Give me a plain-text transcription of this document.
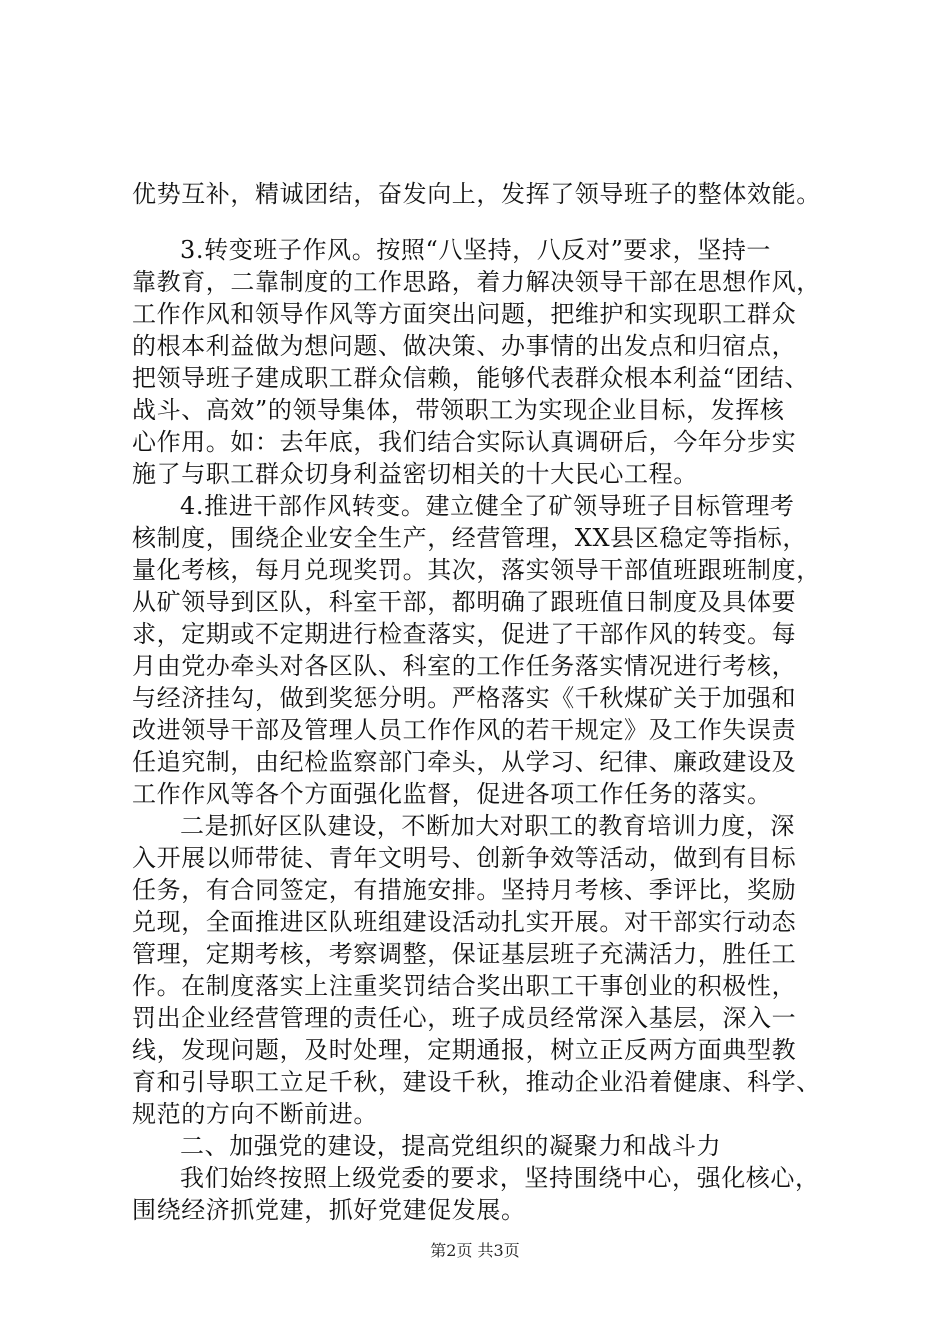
优势互补，精诚团结，奋发向上，发挥了领导班子的整体效能。
3.转变班子作风。按照“八坚持，八反对”要求，坚持一
靠教育，二靠制度的工作思路，着力解决领导干部在思想作风，
工作作风和领导作风等方面突出问题，把维护和实现职工群众
的根本利益做为想问题、做决策、办事情的出发点和归宿点，
把领导班子建成职工群众信赖，能够代表群众根本利益“团结、
战斗、高效”的领导集体，带领职工为实现企业目标，发挥核
心作用。如：去年底，我们结合实际认真调研后，今年分步实
施了与职工群众切身利益密切相关的十大民心工程。
4.推进干部作风转变。建立健全了矿领导班子目标管理考
核制度，围绕企业安全生产，经营管理，XX县区稳定等指标，
量化考核，每月兑现奖罚。其次，落实领导干部值班跟班制度，
从矿领导到区队，科室干部，都明确了跟班值日制度及具体要
求，定期或不定期进行检查落实，促进了干部作风的转变。每
月由党办牵头对各区队、科室的工作任务落实情况进行考核，
与经济挂勾，做到奖惩分明。严格落实《千秋煤矿关于加强和
改进领导干部及管理人员工作作风的若干规定》及工作失误责
任追究制，由纪检监察部门牵头，从学习、纪律、廉政建设及
工作作风等各个方面强化监督，促进各项工作任务的落实。
二是抓好区队建设，不断加大对职工的教育培训力度，深
入开展以师带徒、青年文明号、创新争效等活动，做到有目标
任务，有合同签定，有措施安排。坚持月考核、季评比，奖励
兑现，全面推进区队班组建设活动扎实开展。对干部实行动态
管理，定期考核，考察调整，保证基层班子充满活力，胜任工
作。在制度落实上注重奖罚结合奖出职工干事创业的积极性，
罚出企业经营管理的责任心，班子成员经常深入基层，深入一
线，发现问题，及时处理，定期通报，树立正反两方面典型教
育和引导职工立足千秋，建设千秋，推动企业沿着健康、科学、
规范的方向不断前进。
二、加强党的建设，提高党组织的凝聚力和战斗力
我们始终按照上级党委的要求，坚持围绕中心，强化核心，
围绕经济抓党建，抓好党建促发展。
第2页 共3页
